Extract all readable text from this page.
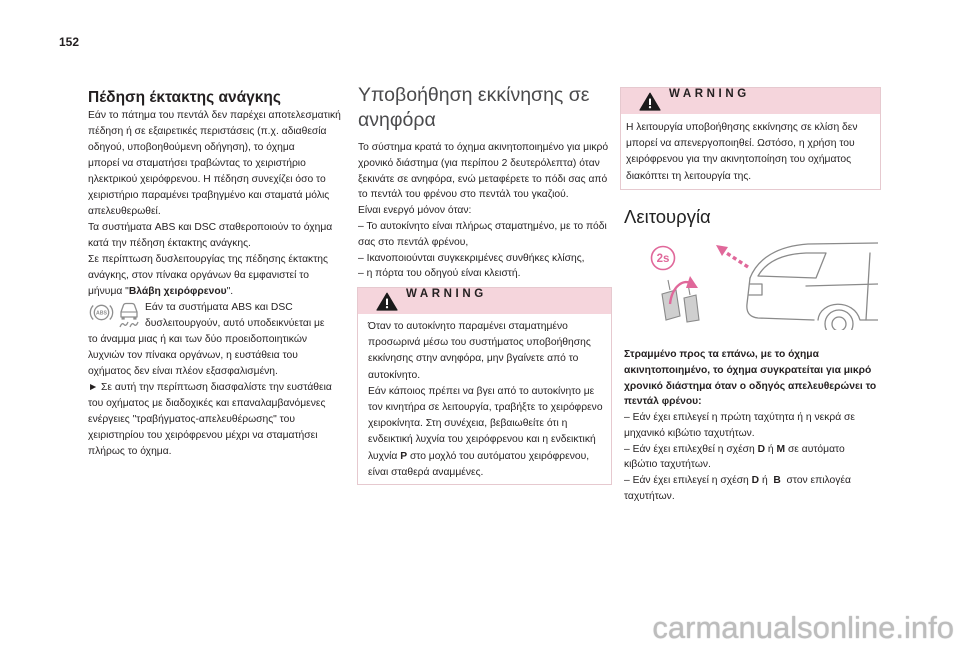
152
Πέδηση έκτακτης ανάγκης
Εάν το πάτημα του πεντάλ δεν παρέχει αποτελεσματική
πέδηση ή σε εξαιρετικές περιστάσεις (π.χ. αδιαθεσία
οδηγού, υποβοηθούμενη οδήγηση), το όχημα
μπορεί να σταματήσει τραβώντας το χειριστήριο
ηλεκτρικού χειρόφρενου. Η πέδηση συνεχίζει όσο το
χειριστήριο παραμένει τραβηγμένο και σταματά μόλις
απελευθερωθεί.
Τα συστήματα ABS και DSC σταθεροποιούν το όχημα
κατά την πέδηση έκτακτης ανάγκης.
Σε περίπτωση δυσλειτουργίας της πέδησης έκτακτης
ανάγκης, στον πίνακα οργάνων θα εμφανιστεί το
μήνυμα "Βλάβη χειρόφρενου".
ABS
Εάν τα συστήματα ABS και DSC
δυσλειτουργούν, αυτό υποδεικνύεται με
το άναμμα μιας ή και των δύο προειδοποιητικών
λυχνιών τον πίνακα οργάνων, η ευστάθεια του
οχήματος δεν είναι πλέον εξασφαλισμένη.
► Σε αυτή την περίπτωση διασφαλίστε την ευστάθεια
του οχήματος με διαδοχικές και επαναλαμβανόμενες
ενέργειες "τραβήγματος-απελευθέρωσης" του
χειριστηρίου του χειρόφρενου μέχρι να σταματήσει
πλήρως το όχημα.
Υποβοήθηση εκκίνησης σε ανηφόρα
Το σύστημα κρατά το όχημα ακινητοποιημένο για μικρό
χρονικό διάστημα (για περίπου 2 δευτερόλεπτα) όταν
ξεκινάτε σε ανηφόρα, ενώ μεταφέρετε το πόδι σας από
το πεντάλ του φρένου στο πεντάλ του γκαζιού.
Είναι ενεργό μόνον όταν:
– Το αυτοκίνητο είναι πλήρως σταματημένο, με το πόδι
σας στο πεντάλ φρένου,
– Ικανοποιούνται συγκεκριμένες συνθήκες κλίσης,
– η πόρτα του οδηγού είναι κλειστή.
WARNING
Όταν το αυτοκίνητο παραμένει σταματημένο
προσωρινά μέσω του συστήματος υποβοήθησης
εκκίνησης στην ανηφόρα, μην βγαίνετε από το
αυτοκίνητο.
Εάν κάποιος πρέπει να βγει από το αυτοκίνητο με
τον κινητήρα σε λειτουργία, τραβήξτε το χειρόφρενο
χειροκίνητα. Στη συνέχεια, βεβαιωθείτε ότι η
ενδεικτική λυχνία του χειρόφρενου και η ενδεικτική
λυχνία P στο μοχλό του αυτόματου χειρόφρενου,
είναι σταθερά αναμμένες.
WARNING
Η λειτουργία υποβοήθησης εκκίνησης σε κλίση δεν
μπορεί να απενεργοποιηθεί. Ωστόσο, η χρήση του
χειρόφρενου για την ακινητοποίηση του οχήματος
διακόπτει τη λειτουργία της.
Λειτουργία
2s
Στραμμένο προς τα επάνω, με το όχημα
ακινητοποιημένο, το όχημα συγκρατείται για μικρό
χρονικό διάστημα όταν ο οδηγός απελευθερώνει το
πεντάλ φρένου:
– Εάν έχει επιλεγεί η πρώτη ταχύτητα ή η νεκρά σε
μηχανικό κιβώτιο ταχυτήτων.
– Εάν έχει επιλεχθεί η σχέση D ή M σε αυτόματο
κιβώτιο ταχυτήτων.
– Εάν έχει επιλεγεί η σχέση D ή  B  στον επιλογέα
ταχυτήτων.
carmanualsonline.info
